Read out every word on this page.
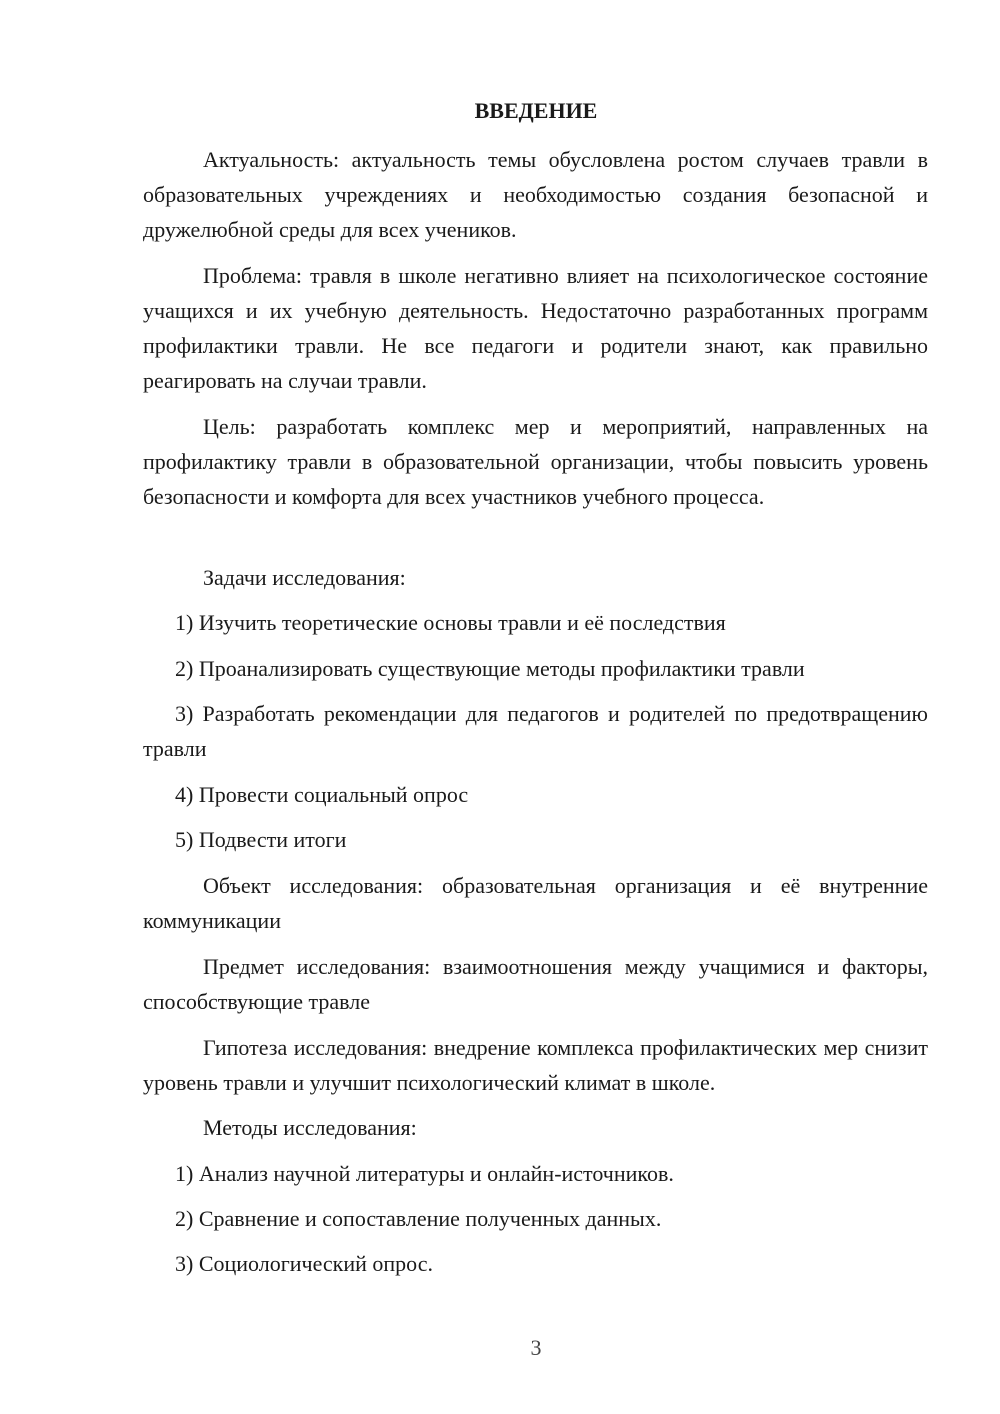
ВВЕДЕНИЕ

Актуальность: актуальность темы обусловлена ростом случаев травли в образовательных учреждениях и необходимостью создания безопасной и дружелюбной среды для всех учеников.

Проблема: травля в школе негативно влияет на психологическое состояние учащихся и их учебную деятельность. Недостаточно разработанных программ профилактики травли. Не все педагоги и родители знают, как правильно реагировать на случаи травли.

Цель: разработать комплекс мер и мероприятий, направленных на профилактику травли в образовательной организации, чтобы повысить уровень безопасности и комфорта для всех участников учебного процесса.

Задачи исследования:

1) Изучить теоретические основы травли и её последствия

2) Проанализировать существующие методы профилактики травли

3) Разработать рекомендации для педагогов и родителей по предотвращению травли

4) Провести социальный опрос

5) Подвести итоги

Объект исследования: образовательная организация и её внутренние коммуникации

Предмет исследования: взаимоотношения между учащимися и факторы, способствующие травле

Гипотеза исследования: внедрение комплекса профилактических мер снизит уровень травли и улучшит психологический климат в школе.

Методы исследования:

1) Анализ научной литературы и онлайн-источников.

2) Сравнение и сопоставление полученных данных.

3) Социологический опрос.

3
